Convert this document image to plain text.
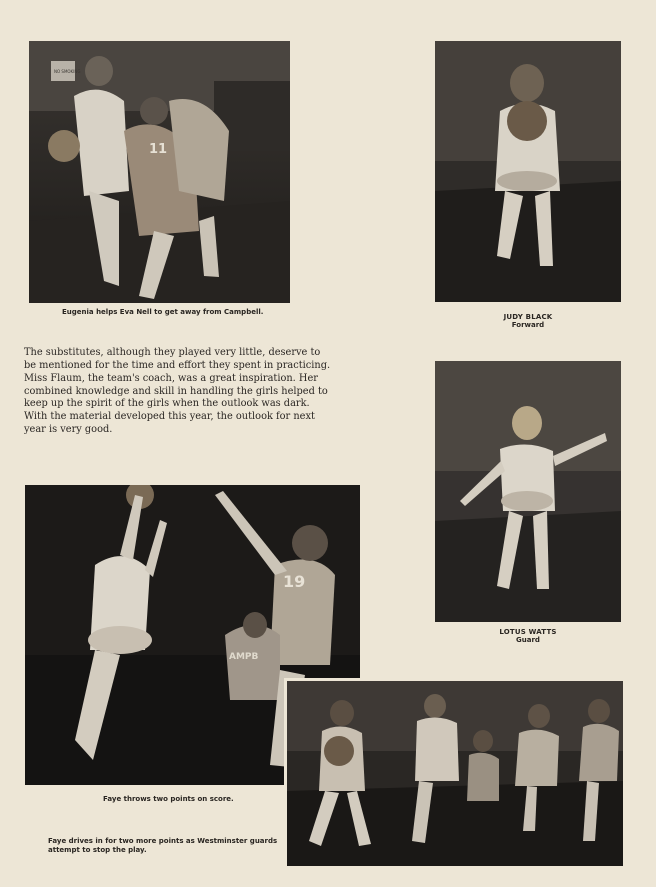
11
NO SMOKING
Eugenia helps Eva Nell to get away from Campbell.
JUDY BLACK
Forward

The substitutes, although they played very little, deserve to be mentioned for the time and effort they spent in practicing.

Miss Flaum, the team's coach, was a great inspiration. Her combined knowledge and skill in handling the girls helped to keep up the spirit of the girls when the outlook was dark. With the material developed this year, the outlook for next year is very good.

LOTUS WATTS
Guard
19
AMPB
Faye throws two points on score.
Faye drives in for two more points as Westminster guards attempt to stop the play.
